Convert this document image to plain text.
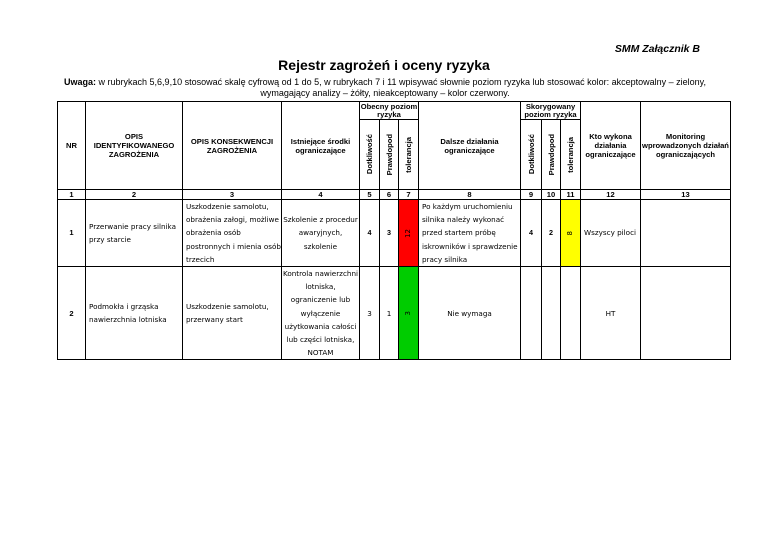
SMM Załącznik B
Rejestr zagrożeń i oceny ryzyka
Uwaga: w rubrykach 5,6,9,10 stosować skalę cyfrową od 1 do 5, w rubrykach 7 i 11 wpisywać słownie poziom ryzyka lub stosować kolor: akceptowalny – zielony, wymagający analizy – żółty, nieakceptowany – kolor czerwony.
NR	OPIS IDENTYFIKOWANEGO ZAGROŻENIA	OPIS KONSEKWENCJI ZAGROŻENIA	Istniejące środki ograniczające	Obecny poziom ryzyka			Dalsze działania ograniczające	Skorygowany poziom ryzyka			Kto wykona działania ograniczające	Monitoring wprowadzonych działań ograniczających

				Dotkliwość	Prawdopod	tolerancja		Dotkliwość	Prawdopod	tolerancja		

1	2	3	4	5	6	7	8	9	10	11	12	13
1	Przerwanie pracy silnika przy starcie	Uszkodzenie samolotu, obrażenia załogi, możliwe obrażenia osób postronnych i mienia osób trzecich	Szkolenie z procedur awaryjnych, szkolenie	4	3	12	Po każdym uruchomieniu silnika należy wykonać przed startem próbę iskrowników i sprawdzenie pracy silnika	4	2	8	Wszyscy piloci	
2	Podmokła i grząska nawierzchnia lotniska	Uszkodzenie samolotu, przerwany start	Kontrola nawierzchni lotniska, ograniczenie lub wyłączenie użytkowania całości lub części lotniska, NOTAM	3	1	3	Nie wymaga				HT	
